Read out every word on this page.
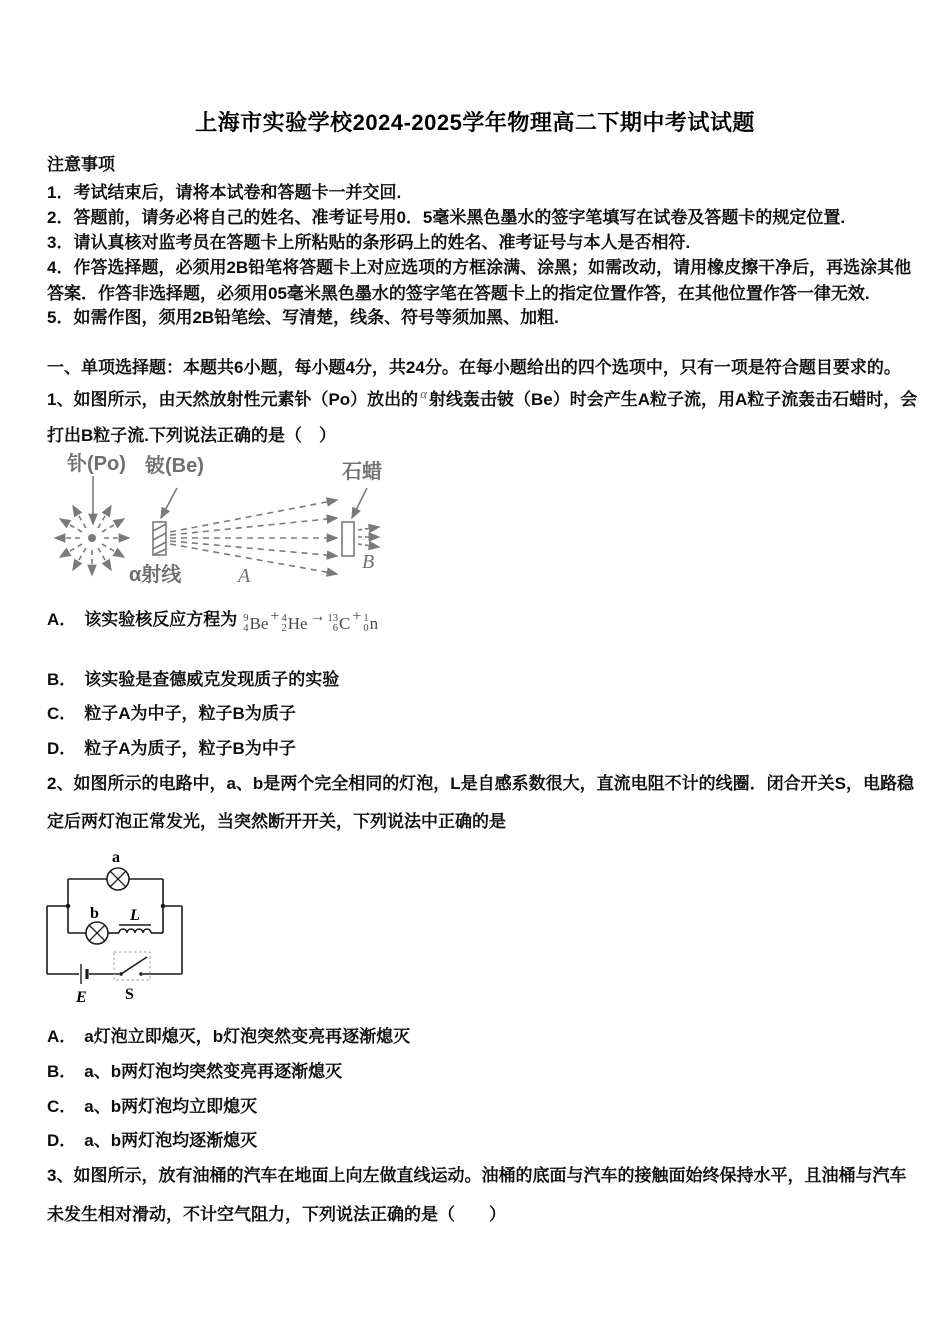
上海市实验学校2024-2025学年物理高二下期中考试试题
注意事项
1．考试结束后，请将本试卷和答题卡一并交回.
2．答题前，请务必将自己的姓名、准考证号用0．5毫米黑色墨水的签字笔填写在试卷及答题卡的规定位置.
3．请认真核对监考员在答题卡上所粘贴的条形码上的姓名、准考证号与本人是否相符.
4．作答选择题，必须用2B铅笔将答题卡上对应选项的方框涂满、涂黑；如需改动，请用橡皮擦干净后，再选涂其他答案．作答非选择题，必须用05毫米黑色墨水的签字笔在答题卡上的指定位置作答，在其他位置作答一律无效.
5．如需作图，须用2B铅笔绘、写清楚，线条、符号等须加黑、加粗.
一、单项选择题：本题共6小题，每小题4分，共24分。在每小题给出的四个选项中，只有一项是符合题目要求的。
1、如图所示，由天然放射性元素钋（Po）放出的 $^\alpha$ 射线轰击铍（Be）时会产生A粒子流，用A粒子流轰击石蜡时，会打出B粒子流.下列说法正确的是（　）
钋(Po) 铍(Be)
α射线	A
石蜡
B
A． 该实验核反应方程为 9
4 Be + 4
2 He → 13
6 C + 1
0 n
B． 该实验是查德威克发现质子的实验
C． 粒子A为中子，粒子B为质子
D． 粒子A为质子，粒子B为中子
2、如图所示的电路中，a、b是两个完全相同的灯泡，L是自感系数很大，直流电阻不计的线圈．闭合开关S，电路稳定后两灯泡正常发光，当突然断开开关，下列说法中正确的是
a
b L
E S
A． a灯泡立即熄灭，b灯泡突然变亮再逐渐熄灭
B． a、b两灯泡均突然变亮再逐渐熄灭
C． a、b两灯泡均立即熄灭
D． a、b两灯泡均逐渐熄灭
3、如图所示，放有油桶的汽车在地面上向左做直线运动。油桶的底面与汽车的接触面始终保持水平，且油桶与汽车未发生相对滑动，不计空气阻力，下列说法正确的是（　　）
